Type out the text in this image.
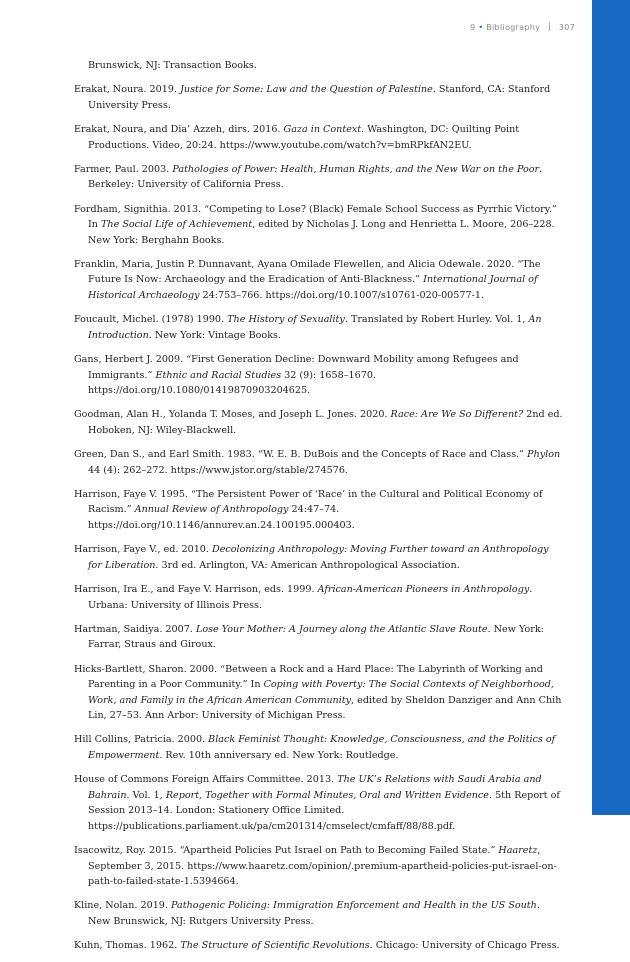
9 • Bibliography 307

Brunswick, NJ: Transaction Books.

Erakat, Noura. 2019. Justice for Some: Law and the Question of Palestine. Stanford, CA: Stanford University Press.

Erakat, Noura, and Dia’ Azzeh, dirs. 2016. Gaza in Context. Washington, DC: Quilting Point Productions. Video, 20:24. https://www.youtube.com/watch?v=bmRPkfAN2EU.

Farmer, Paul. 2003. Pathologies of Power: Health, Human Rights, and the New War on the Poor. Berkeley: University of California Press.

Fordham, Signithia. 2013. “Competing to Lose? (Black) Female School Success as Pyrrhic Victory.” In The Social Life of Achievement, edited by Nicholas J. Long and Henrietta L. Moore, 206–228. New York: Berghahn Books.

Franklin, Maria, Justin P. Dunnavant, Ayana Omilade Flewellen, and Alicia Odewale. 2020. “The Future Is Now: Archaeology and the Eradication of Anti-Blackness.” International Journal of Historical Archaeology 24:753–766. https://doi.org/10.1007/s10761-020-00577-1.

Foucault, Michel. (1978) 1990. The History of Sexuality. Translated by Robert Hurley. Vol. 1, An Introduction. New York: Vintage Books.

Gans, Herbert J. 2009. “First Generation Decline: Downward Mobility among Refugees and Immigrants.” Ethnic and Racial Studies 32 (9): 1658–1670. https://doi.org/10.1080/01419870903204625.

Goodman, Alan H., Yolanda T. Moses, and Joseph L. Jones. 2020. Race: Are We So Different? 2nd ed. Hoboken, NJ: Wiley-Blackwell.

Green, Dan S., and Earl Smith. 1983. “W. E. B. DuBois and the Concepts of Race and Class.” Phylon 44 (4): 262–272. https://www.jstor.org/stable/274576.

Harrison, Faye V. 1995. “The Persistent Power of ‘Race’ in the Cultural and Political Economy of Racism.” Annual Review of Anthropology 24:47–74. https://doi.org/10.1146/annurev.an.24.100195.000403.

Harrison, Faye V., ed. 2010. Decolonizing Anthropology: Moving Further toward an Anthropology for Liberation. 3rd ed. Arlington, VA: American Anthropological Association.

Harrison, Ira E., and Faye V. Harrison, eds. 1999. African-American Pioneers in Anthropology. Urbana: University of Illinois Press.

Hartman, Saidiya. 2007. Lose Your Mother: A Journey along the Atlantic Slave Route. New York: Farrar, Straus and Giroux.

Hicks-Bartlett, Sharon. 2000. “Between a Rock and a Hard Place: The Labyrinth of Working and Parenting in a Poor Community.” In Coping with Poverty: The Social Contexts of Neighborhood, Work, and Family in the African American Community, edited by Sheldon Danziger and Ann Chih Lin, 27–53. Ann Arbor: University of Michigan Press.

Hill Collins, Patricia. 2000. Black Feminist Thought: Knowledge, Consciousness, and the Politics of Empowerment. Rev. 10th anniversary ed. New York: Routledge.

House of Commons Foreign Affairs Committee. 2013. The UK’s Relations with Saudi Arabia and Bahrain. Vol. 1, Report, Together with Formal Minutes, Oral and Written Evidence. 5th Report of Session 2013–14. London: Stationery Office Limited. https://publications.parliament.uk/pa/cm201314/cmselect/cmfaff/88/88.pdf.

Isacowitz, Roy. 2015. “Apartheid Policies Put Israel on Path to Becoming Failed State.” Haaretz, September 3, 2015. https://www.haaretz.com/opinion/.premium-apartheid-policies-put-israel-on-path-to-failed-state-1.5394664.

Kline, Nolan. 2019. Pathogenic Policing: Immigration Enforcement and Health in the US South. New Brunswick, NJ: Rutgers University Press.

Kuhn, Thomas. 1962. The Structure of Scientific Revolutions. Chicago: University of Chicago Press.
